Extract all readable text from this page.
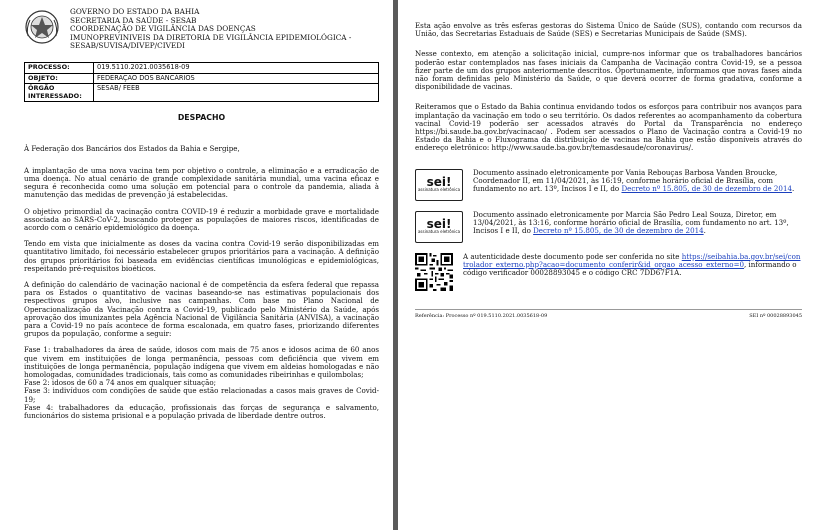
GOVERNO DO ESTADO DA BAHIA
SECRETARIA DA SAÚDE - SESAB
COORDENAÇÃO DE VIGILÂNCIA DAS DOENÇAS
IMUNOPREVINIVEIS DA DIRETORIA DE VIGILÂNCIA EPIDEMIOLÓGICA -
SESAB/SUVISA/DIVEP/CIVEDI
PROCESSO:	019.5110.2021.0035618-09
OBJETO:	FEDERAÇÃO DOS BANCÁRIOS
ÓRGÃO INTERESSADO:	SESAB/ FEEB
DESPACHO

À Federação dos Bancários dos Estados da Bahia e Sergipe,

A implantação de uma nova vacina tem por objetivo o controle, a eliminação e a erradicação de uma doença. No atual cenário de grande complexidade sanitária mundial, uma vacina eficaz e segura é reconhecida como uma solução em potencial para o controle da pandemia, aliada à manutenção das medidas de prevenção já estabelecidas.

O objetivo primordial da vacinação contra COVID-19 é reduzir a morbidade grave e mortalidade associada ao SARS-CoV-2, buscando proteger as populações de maiores riscos, identificadas de acordo com o cenário epidemiológico da doença.

Tendo em vista que inicialmente as doses da vacina contra Covid-19 serão disponibilizadas em quantitativo limitado, foi necessário estabelecer grupos prioritários para a vacinação. A definição dos grupos prioritários foi baseada em evidências científicas imunológicas e epidemiológicas, respeitando pré-requisitos bioéticos.

A definição do calendário de vacinação nacional é de competência da esfera federal que repassa para os Estados o quantitativo de vacinas baseando-se nas estimativas populacionais dos respectivos grupos alvo, inclusive nas campanhas. Com base no Plano Nacional de Operacionalização da Vacinação contra a Covid-19, publicado pelo Ministério da Saúde, após aprovação dos imunizantes pela Agência Nacional de Vigilância Sanitária (ANVISA), a vacinação para a Covid-19 no país acontece de forma escalonada, em quatro fases, priorizando diferentes grupos da população, conforme a seguir:

Fase 1: trabalhadores da área de saúde, idosos com mais de 75 anos e idosos acima de 60 anos que vivem em instituições de longa permanência, pessoas com deficiência que vivem em instituições de longa permanência, população indígena que vivem em aldeias homologadas e não homologadas, comunidades tradicionais, tais como as comunidades ribeirinhas e quilombolas;

Fase 2: idosos de 60 a 74 anos em qualquer situação;

Fase 3: indivíduos com condições de saúde que estão relacionadas a casos mais graves de Covid-19;

Fase 4: trabalhadores da educação, profissionais das forças de segurança e salvamento, funcionários do sistema prisional e a população privada de liberdade dentre outros.

Esta ação envolve as três esferas gestoras do Sistema Único de Saúde (SUS), contando com recursos da União, das Secretarias Estaduais de Saúde (SES) e Secretarias Municipais de Saúde (SMS).

Nesse contexto, em atenção a solicitação inicial, cumpre-nos informar que os trabalhadores bancários poderão estar contemplados nas fases iniciais da Campanha de Vacinação contra Covid-19, se a pessoa fizer parte de um dos grupos anteriormente descritos. Oportunamente, informamos que novas fases ainda não foram definidas pelo Ministério da Saúde, o que deverá ocorrer de forma gradativa, conforme a disponibilidade de vacinas.

Reiteramos que o Estado da Bahia continua envidando todos os esforços para contribuir nos avanços para implantação da vacinação em todo o seu território. Os dados referentes ao acompanhamento da cobertura vacinal Covid-19 poderão ser acessados através do Portal da Transparência no endereço https://bi.saude.ba.gov.br/vacinacao/ . Podem ser acessados o Plano de Vacinação contra a Covid-19 no Estado da Bahia e o Fluxograma da distribuição de vacinas na Bahia que estão disponíveis através do endereço eletrônico: http://www.saude.ba.gov.br/temasdesaude/coronavirus/.

sei!
assinatura eletrônica
Documento assinado eletronicamente por Vania Rebouças Barbosa Vanden Broucke, Coordenador II, em 11/04/2021, às 16:19, conforme horário oficial de Brasília, com fundamento no art. 13º, Incisos I e II, do Decreto nº 15.805, de 30 de dezembro de 2014.
sei!
assinatura eletrônica
Documento assinado eletronicamente por Marcia São Pedro Leal Souza, Diretor, em 13/04/2021, às 13:16, conforme horário oficial de Brasília, com fundamento no art. 13º, Incisos I e II, do Decreto nº 15.805, de 30 de dezembro de 2014.
A autenticidade deste documento pode ser conferida no site https://seibahia.ba.gov.br/sei/controlador_externo.php?acao=documento_conferir&id_orgao_acesso_externo=0, informando o código verificador 00028893045 e o código CRC 7DD67F1A.
Referência: Processo nº 019.5110.2021.0035618-09	SEI nº 00028893045
